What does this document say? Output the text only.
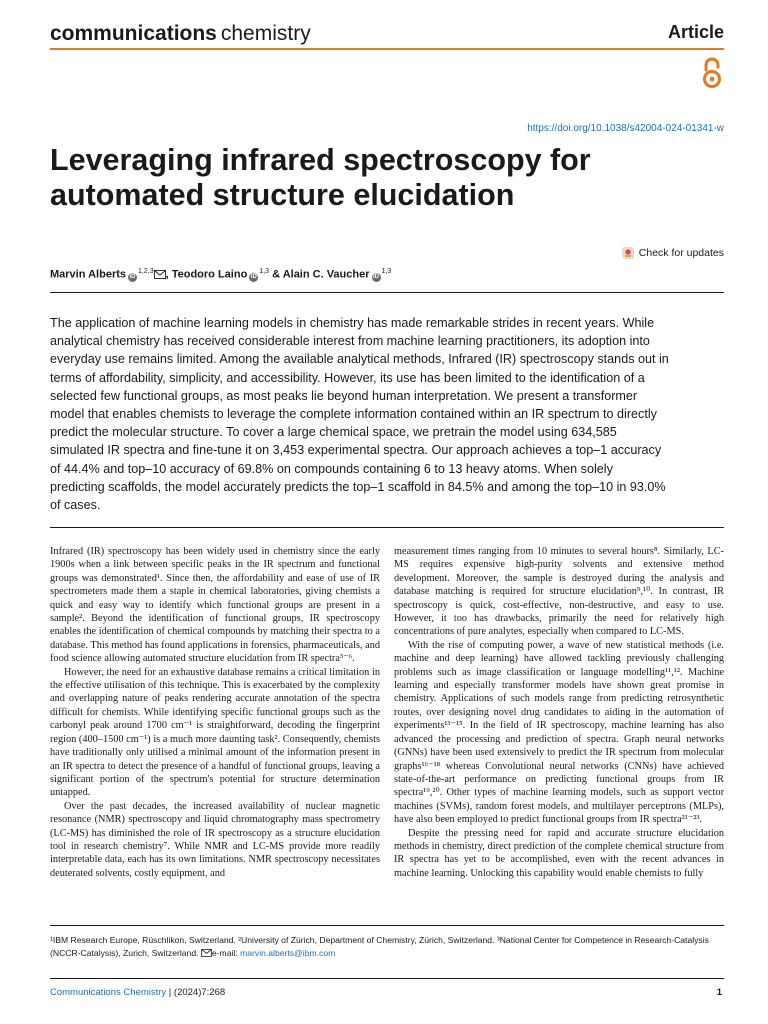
communications chemistry	Article
https://doi.org/10.1038/s42004-024-01341-w
Leveraging infrared spectroscopy for automated structure elucidation
Check for updates
Marvin Alberts iD$^{1,2,3}$ , Teodoro Laino iD$^{1,3}$ & Alain C. Vaucher iD$^{1,3}$

The application of machine learning models in chemistry has made remarkable strides in recent years. While analytical chemistry has received considerable interest from machine learning practitioners, its adoption into everyday use remains limited. Among the available analytical methods, Infrared (IR) spectroscopy stands out in terms of affordability, simplicity, and accessibility. However, its use has been limited to the identification of a selected few functional groups, as most peaks lie beyond human interpretation. We present a transformer model that enables chemists to leverage the complete information contained within an IR spectrum to directly predict the molecular structure. To cover a large chemical space, we pretrain the model using 634,585 simulated IR spectra and fine-tune it on 3,453 experimental spectra. Our approach achieves a top–1 accuracy of 44.4% and top–10 accuracy of 69.8% on compounds containing 6 to 13 heavy atoms. When solely predicting scaffolds, the model accurately predicts the top–1 scaffold in 84.5% and among the top–10 in 93.0% of cases.

Infrared (IR) spectroscopy has been widely used in chemistry since the early 1900s when a link between specific peaks in the IR spectrum and functional groups was demonstrated¹. Since then, the affordability and ease of use of IR spectrometers made them a staple in chemical laboratories, giving chemists a quick and easy way to identify which functional groups are present in a sample². Beyond the identification of functional groups, IR spectroscopy enables the identification of chemical compounds by matching their spectra to a database. This method has found applications in forensics, pharmaceuticals, and food science allowing automated structure elucidation from IR spectra³⁻⁶.

However, the need for an exhaustive database remains a critical limitation in the effective utilisation of this technique. This is exacerbated by the complexity and overlapping nature of peaks rendering accurate annotation of the spectra difficult for chemists. While identifying specific functional groups such as the carbonyl peak around 1700 cm⁻¹ is straightforward, decoding the fingerprint region (400–1500 cm⁻¹) is a much more daunting task². Consequently, chemists have traditionally only utilised a minimal amount of the information present in an IR spectra to detect the presence of a handful of functional groups, leaving a significant portion of the spectrum's potential for structure determination untapped.

Over the past decades, the increased availability of nuclear magnetic resonance (NMR) spectroscopy and liquid chromatography mass spectrometry (LC-MS) has diminished the role of IR spectroscopy as a structure elucidation tool in research chemistry⁷. While NMR and LC-MS provide more readily interpretable data, each has its own limitations. NMR spectroscopy necessitates deuterated solvents, costly equipment, and

measurement times ranging from 10 minutes to several hours⁸. Similarly, LC-MS requires expensive high-purity solvents and extensive method development. Moreover, the sample is destroyed during the analysis and database matching is required for structure elucidation⁹,¹⁰. In contrast, IR spectroscopy is quick, cost-effective, non-destructive, and easy to use. However, it too has drawbacks, primarily the need for relatively high concentrations of pure analytes, especially when compared to LC-MS.

With the rise of computing power, a wave of new statistical methods (i.e. machine and deep learning) have allowed tackling previously challenging problems such as image classification or language modelling¹¹,¹². Machine learning and especially transformer models have shown great promise in chemistry. Applications of such models range from predicting retrosynthetic routes, over designing novel drug candidates to aiding in the automation of experiments¹³⁻¹⁵. In the field of IR spectroscopy, machine learning has also advanced the processing and prediction of spectra. Graph neural networks (GNNs) have been used extensively to predict the IR spectrum from molecular graphs¹⁶⁻¹⁸ whereas Convolutional neural networks (CNNs) have achieved state-of-the-art performance on predicting functional groups from IR spectra¹⁹,²⁰. Other types of machine learning models, such as support vector machines (SVMs), random forest models, and multilayer perceptrons (MLPs), have also been employed to predict functional groups from IR spectra²¹⁻²³.

Despite the pressing need for rapid and accurate structure elucidation methods in chemistry, direct prediction of the complete chemical structure from IR spectra has yet to be accomplished, even with the recent advances in machine learning. Unlocking this capability would enable chemists to fully

¹IBM Research Europe, Rüschlikon, Switzerland. ²University of Zürich, Department of Chemistry, Zürich, Switzerland. ³National Center for Competence in Research-Catalysis (NCCR-Catalysis), Zurich, Switzerland. e-mail: marvin.alberts@ibm.com
Communications Chemistry | (2024)7:268	1
